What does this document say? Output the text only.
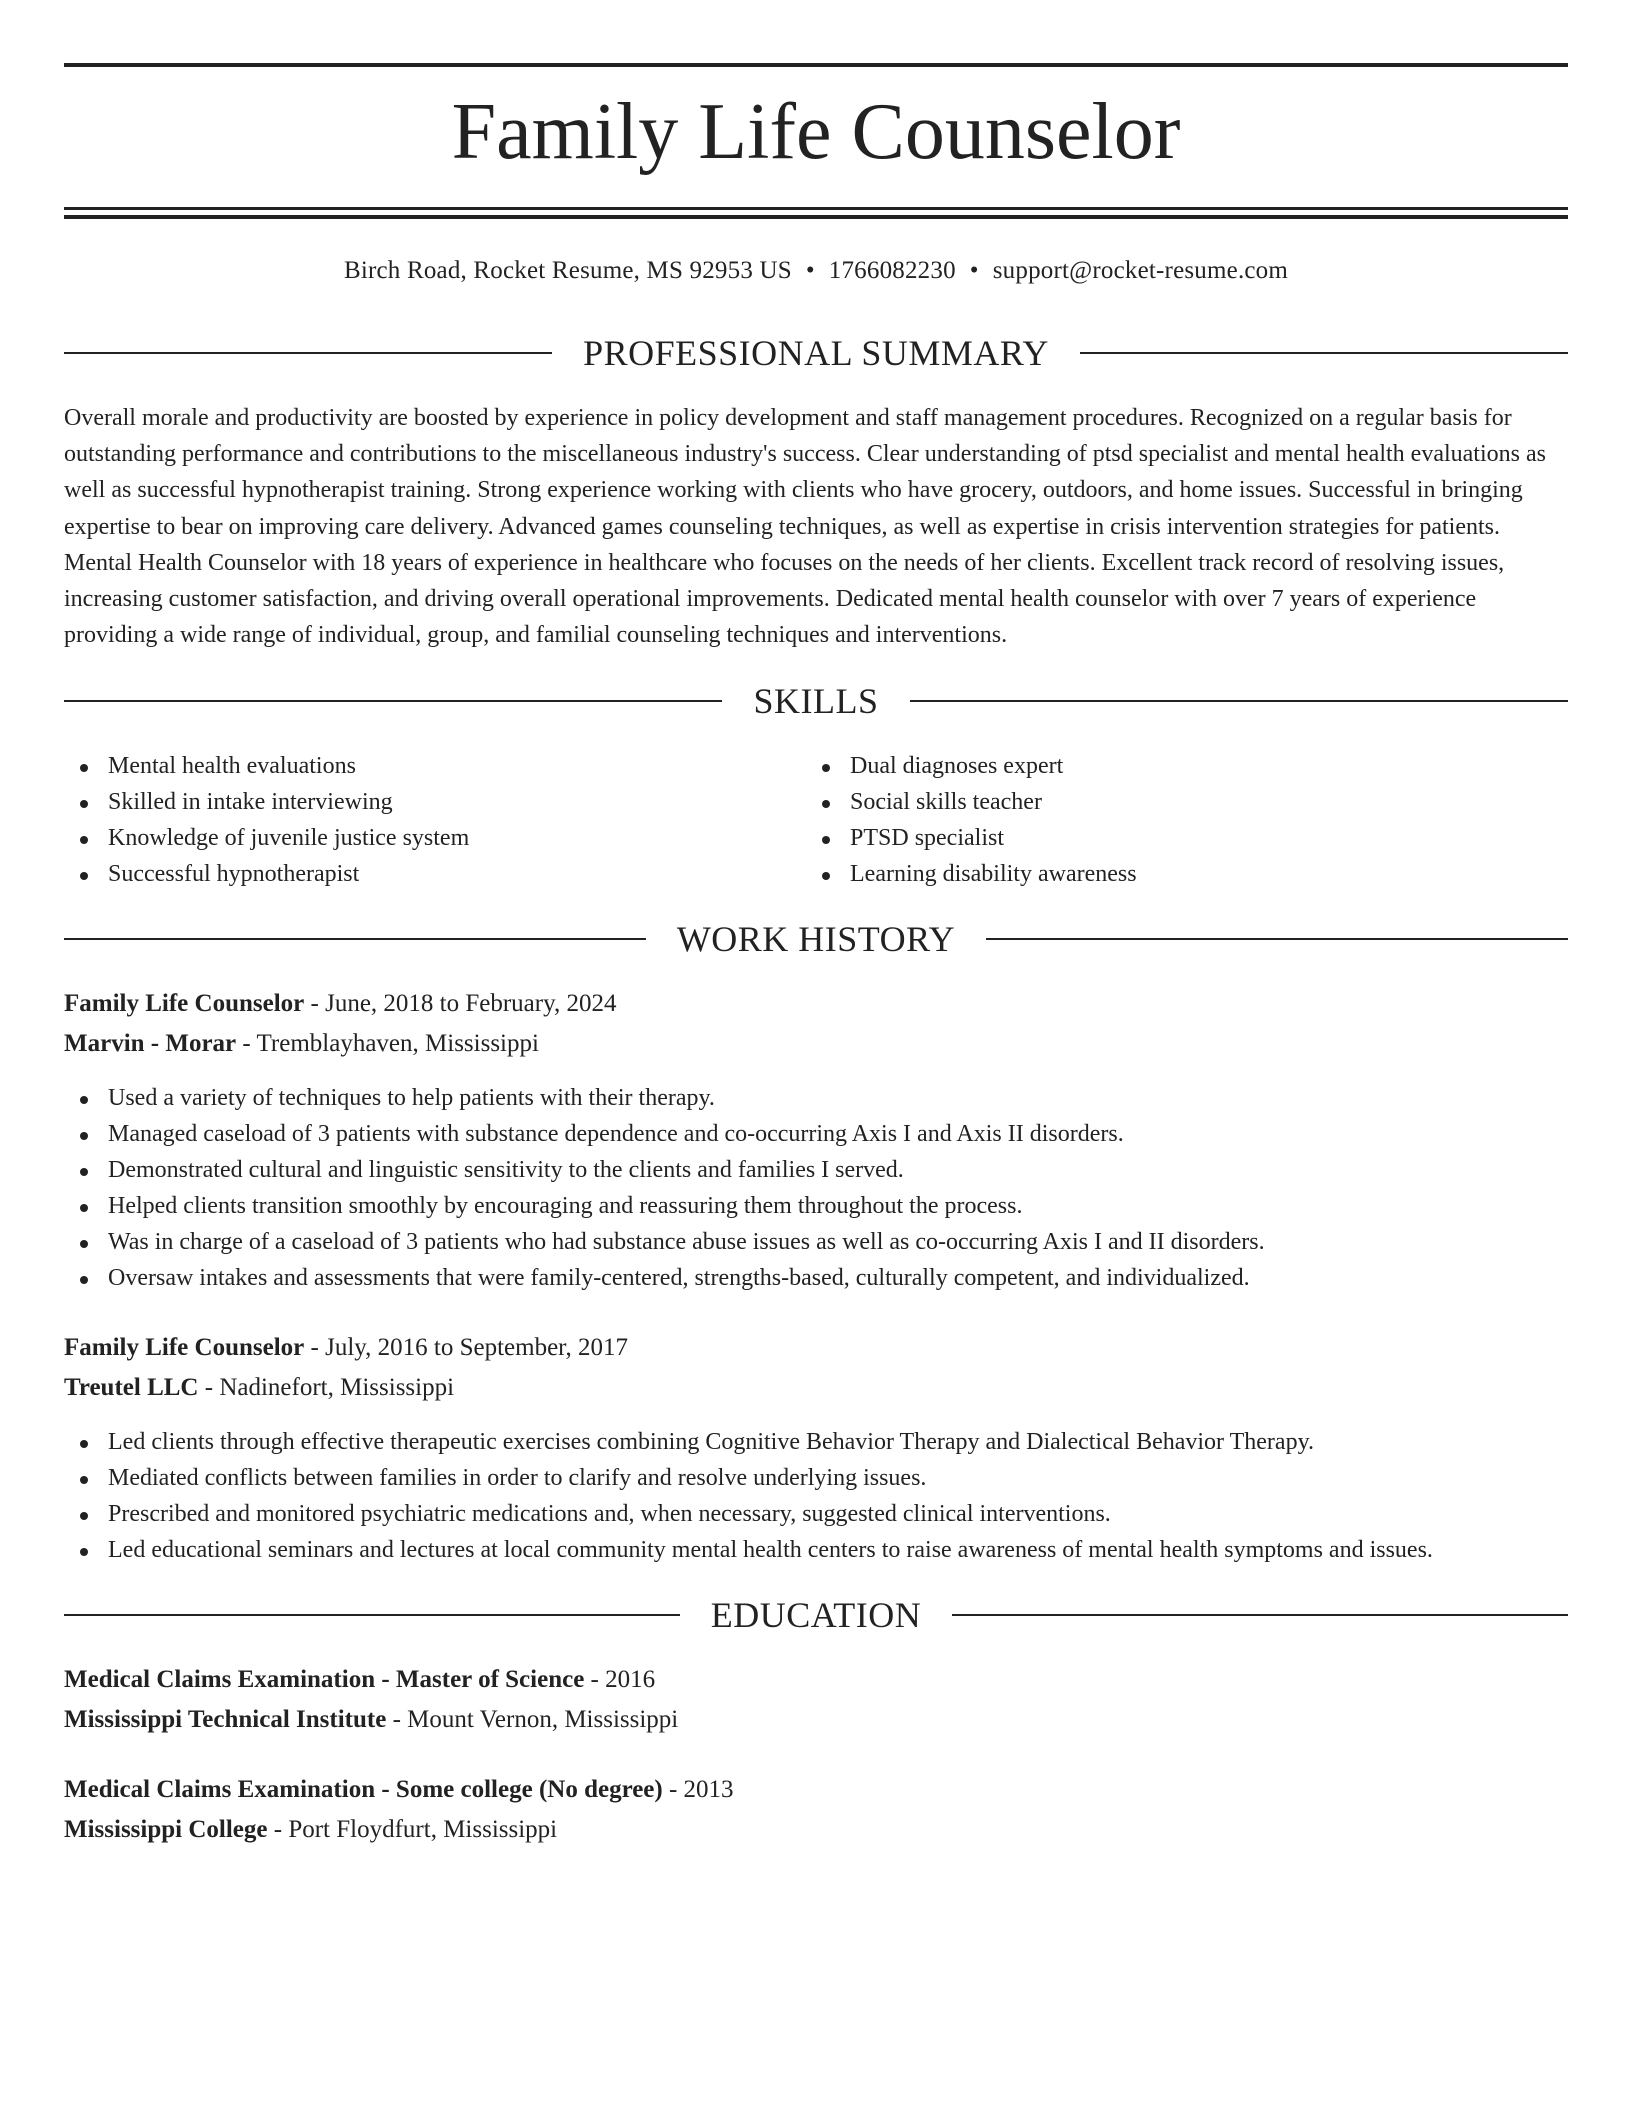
Family Life Counselor
Birch Road, Rocket Resume, MS 92953 US • 1766082230 • support@rocket-resume.com
PROFESSIONAL SUMMARY

Overall morale and productivity are boosted by experience in policy development and staff management procedures. Recognized on a regular basis for outstanding performance and contributions to the miscellaneous industry's success. Clear understanding of ptsd specialist and mental health evaluations as well as successful hypnotherapist training. Strong experience working with clients who have grocery, outdoors, and home issues. Successful in bringing expertise to bear on improving care delivery. Advanced games counseling techniques, as well as expertise in crisis intervention strategies for patients. Mental Health Counselor with 18 years of experience in healthcare who focuses on the needs of her clients. Excellent track record of resolving issues, increasing customer satisfaction, and driving overall operational improvements. Dedicated mental health counselor with over 7 years of experience providing a wide range of individual, group, and familial counseling techniques and interventions.

SKILLS
Mental health evaluations
Skilled in intake interviewing
Knowledge of juvenile justice system
Successful hypnotherapist
Dual diagnoses expert
Social skills teacher
PTSD specialist
Learning disability awareness
WORK HISTORY
Family Life Counselor - June, 2018 to February, 2024
Marvin - Morar - Tremblayhaven, Mississippi
Used a variety of techniques to help patients with their therapy.
Managed caseload of 3 patients with substance dependence and co-occurring Axis I and Axis II disorders.
Demonstrated cultural and linguistic sensitivity to the clients and families I served.
Helped clients transition smoothly by encouraging and reassuring them throughout the process.
Was in charge of a caseload of 3 patients who had substance abuse issues as well as co-occurring Axis I and II disorders.
Oversaw intakes and assessments that were family-centered, strengths-based, culturally competent, and individualized.
Family Life Counselor - July, 2016 to September, 2017
Treutel LLC - Nadinefort, Mississippi
Led clients through effective therapeutic exercises combining Cognitive Behavior Therapy and Dialectical Behavior Therapy.
Mediated conflicts between families in order to clarify and resolve underlying issues.
Prescribed and monitored psychiatric medications and, when necessary, suggested clinical interventions.
Led educational seminars and lectures at local community mental health centers to raise awareness of mental health symptoms and issues.
EDUCATION
Medical Claims Examination - Master of Science - 2016
Mississippi Technical Institute - Mount Vernon, Mississippi
Medical Claims Examination - Some college (No degree) - 2013
Mississippi College - Port Floydfurt, Mississippi
